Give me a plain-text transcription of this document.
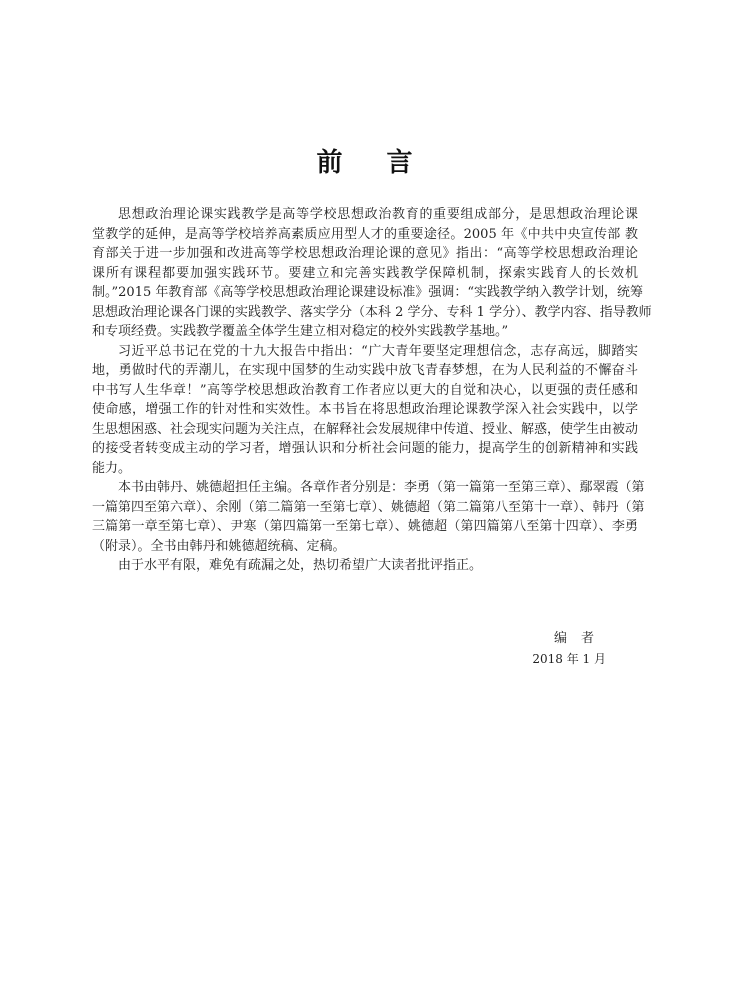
前 言
思想政治理论课实践教学是高等学校思想政治教育的重要组成部分，是思想政治理论课
堂教学的延伸，是高等学校培养高素质应用型人才的重要途径。2005 年《中共中央宣传部 教
育部关于进一步加强和改进高等学校思想政治理论课的意见》指出：“高等学校思想政治理论
课所有课程都要加强实践环节。要建立和完善实践教学保障机制，探索实践育人的长效机
制。”2015 年教育部《高等学校思想政治理论课建设标准》强调：“实践教学纳入教学计划，统筹
思想政治理论课各门课的实践教学、落实学分（本科 2 学分、专科 1 学分）、教学内容、指导教师
和专项经费。实践教学覆盖全体学生建立相对稳定的校外实践教学基地。”
习近平总书记在党的十九大报告中指出：“广大青年要坚定理想信念，志存高远，脚踏实
地，勇做时代的弄潮儿，在实现中国梦的生动实践中放飞青春梦想，在为人民利益的不懈奋斗
中书写人生华章！”高等学校思想政治教育工作者应以更大的自觉和决心，以更强的责任感和
使命感，增强工作的针对性和实效性。本书旨在将思想政治理论课教学深入社会实践中，以学
生思想困惑、社会现实问题为关注点，在解释社会发展规律中传道、授业、解惑，使学生由被动
的接受者转变成主动的学习者，增强认识和分析社会问题的能力，提高学生的创新精神和实践
能力。
本书由韩丹、姚德超担任主编。各章作者分别是：李勇（第一篇第一至第三章）、鄢翠霞（第
一篇第四至第六章）、余刚（第二篇第一至第七章）、姚德超（第二篇第八至第十一章）、韩丹（第
三篇第一章至第七章）、尹寒（第四篇第一至第七章）、姚德超（第四篇第八至第十四章）、李勇
（附录）。全书由韩丹和姚德超统稿、定稿。
由于水平有限，难免有疏漏之处，热切希望广大读者批评指正。
编者
2018 年 1 月
